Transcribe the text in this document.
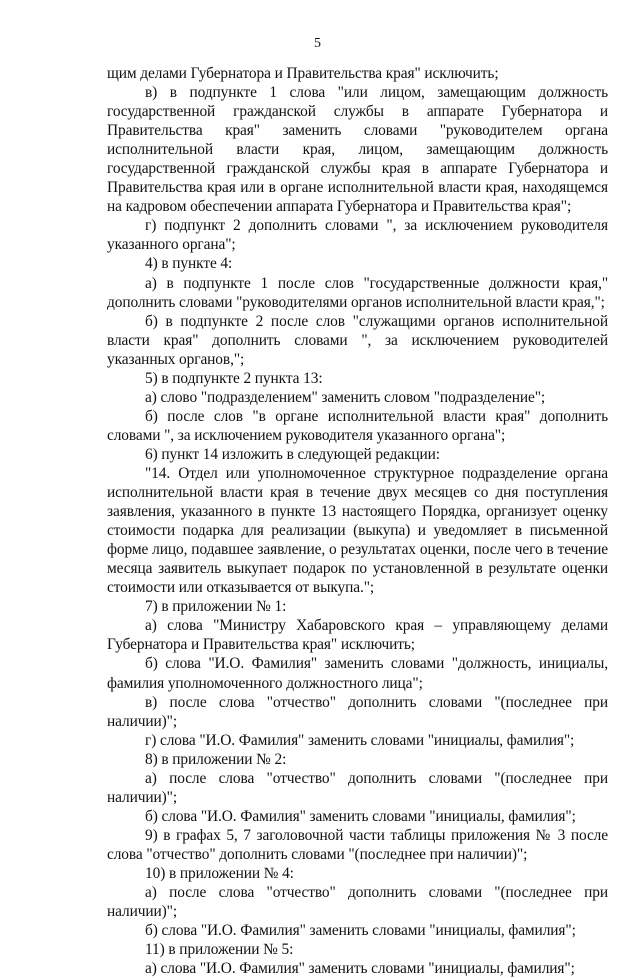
5

щим делами Губернатора и Правительства края" исключить;

в) в подпункте 1 слова "или лицом, замещающим должность государственной гражданской службы в аппарате Губернатора и Правительства края" заменить словами "руководителем органа исполнительной власти края, лицом, замещающим должность государственной гражданской службы края в аппарате Губернатора и Правительства края или в органе исполнительной власти края, находящемся на кадровом обеспечении аппарата Губернатора и Правительства края";

г) подпункт 2 дополнить словами ", за исключением руководителя указанного органа";

4) в пункте 4:

а) в подпункте 1 после слов "государственные должности края," дополнить словами "руководителями органов исполнительной власти края,";

б) в подпункте 2 после слов "служащими органов исполнительной власти края" дополнить словами ", за исключением руководителей указанных органов,";

5) в подпункте 2 пункта 13:

а) слово "подразделением" заменить словом "подразделение";

б) после слов "в органе исполнительной власти края" дополнить словами ", за исключением руководителя указанного органа";

6) пункт 14 изложить в следующей редакции:

"14. Отдел или уполномоченное структурное подразделение органа исполнительной власти края в течение двух месяцев со дня поступления заявления, указанного в пункте 13 настоящего Порядка, организует оценку стоимости подарка для реализации (выкупа) и уведомляет в письменной форме лицо, подавшее заявление, о результатах оценки, после чего в течение месяца заявитель выкупает подарок по установленной в результате оценки стоимости или отказывается от выкупа.";

7) в приложении № 1:

а) слова "Министру Хабаровского края – управляющему делами Губернатора и Правительства края" исключить;

б) слова "И.О. Фамилия" заменить словами "должность, инициалы, фамилия уполномоченного должностного лица";

в) после слова "отчество" дополнить словами "(последнее при наличии)";

г) слова "И.О. Фамилия" заменить словами "инициалы, фамилия";

8) в приложении № 2:

а) после слова "отчество" дополнить словами "(последнее при наличии)";

б) слова "И.О. Фамилия" заменить словами "инициалы, фамилия";

9) в графах 5, 7 заголовочной части таблицы приложения № 3 после слова "отчество" дополнить словами "(последнее при наличии)";

10) в приложении № 4:

а) после слова "отчество" дополнить словами "(последнее при наличии)";

б) слова "И.О. Фамилия" заменить словами "инициалы, фамилия";

11) в приложении № 5:

а) слова "И.О. Фамилия" заменить словами "инициалы, фамилия";
